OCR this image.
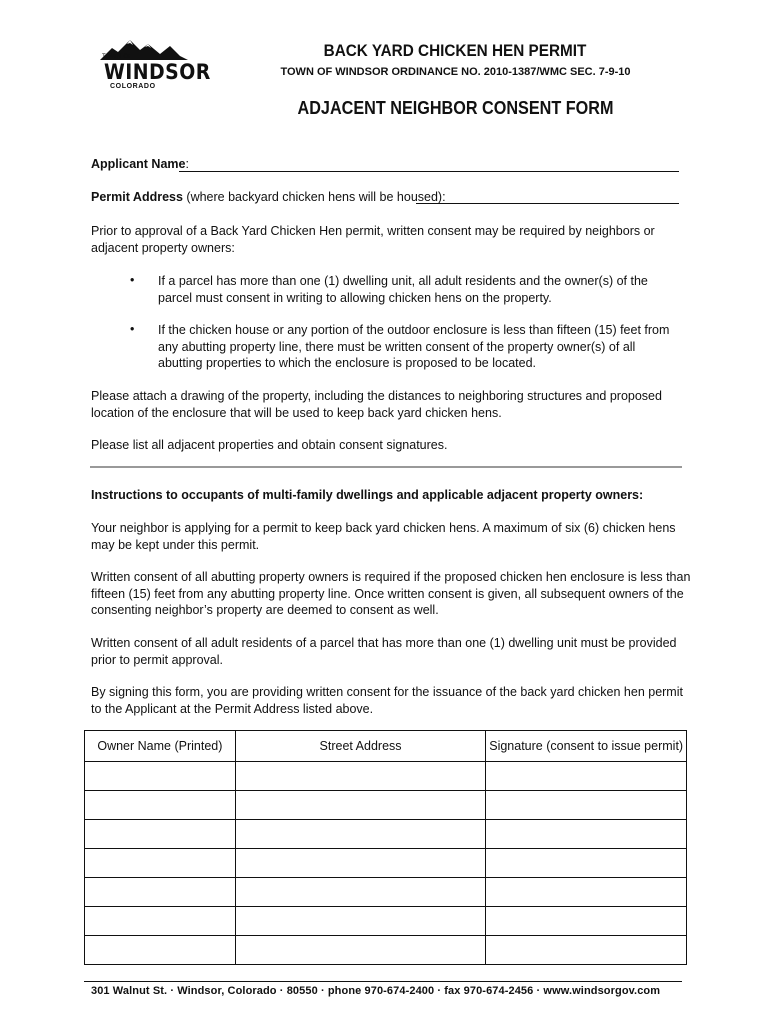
TOWN OF
WINDSOR
COLORADO
BACK YARD CHICKEN HEN PERMIT
TOWN OF WINDSOR ORDINANCE NO. 2010-1387/WMC SEC. 7-9-10
ADJACENT NEIGHBOR CONSENT FORM
Applicant Name:
Permit Address (where backyard chicken hens will be housed):
Prior to approval of a Back Yard Chicken Hen permit, written consent may be required by neighbors or adjacent property owners:
• If a parcel has more than one (1) dwelling unit, all adult residents and the owner(s) of the parcel must consent in writing to allowing chicken hens on the property.
• If the chicken house or any portion of the outdoor enclosure is less than fifteen (15) feet from any abutting property line, there must be written consent of the property owner(s) of all abutting properties to which the enclosure is proposed to be located.
Please attach a drawing of the property, including the distances to neighboring structures and proposed location of the enclosure that will be used to keep back yard chicken hens.
Please list all adjacent properties and obtain consent signatures.
Instructions to occupants of multi-family dwellings and applicable adjacent property owners:
Your neighbor is applying for a permit to keep back yard chicken hens. A maximum of six (6) chicken hens may be kept under this permit.
Written consent of all abutting property owners is required if the proposed chicken hen enclosure is less than fifteen (15) feet from any abutting property line. Once written consent is given, all subsequent owners of the consenting neighbor’s property are deemed to consent as well.
Written consent of all adult residents of a parcel that has more than one (1) dwelling unit must be provided prior to permit approval.
By signing this form, you are providing written consent for the issuance of the back yard chicken hen permit to the Applicant at the Permit Address listed above.
Owner Name (Printed)	Street Address	Signature (consent to issue permit)

301 Walnut St. · Windsor, Colorado · 80550 · phone 970-674-2400 · fax 970-674-2456 · www.windsorgov.com
